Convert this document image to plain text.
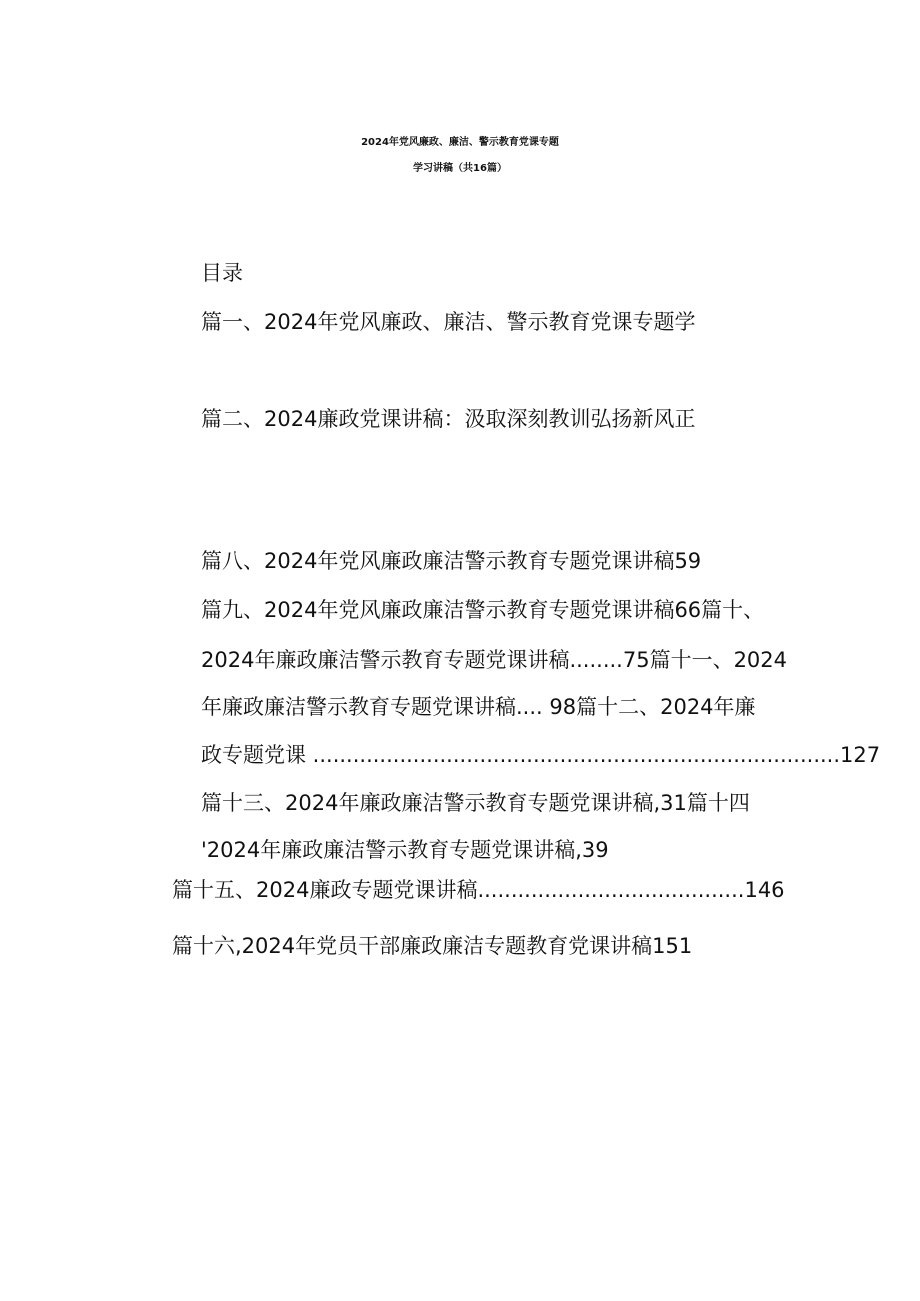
2024年党风廉政、廉洁、警示教育党课专题
学习讲稿（共16篇）
目录
篇一、2024年党风廉政、廉洁、警示教育党课专题学
篇二、2024廉政党课讲稿：汲取深刻教训弘扬新风正
篇八、2024年党风廉政廉洁警示教育专题党课讲稿59
篇九、2024年党风廉政廉洁警示教育专题党课讲稿66篇十、
2024年廉政廉洁警示教育专题党课讲稿........75篇十一、2024
年廉政廉洁警示教育专题党课讲稿.... 98篇十二、2024年廉
政专题党课 ...............................................................................127
篇十三、2024年廉政廉洁警示教育专题党课讲稿,31篇十四
'2024年廉政廉洁警示教育专题党课讲稿,39
篇十五、2024廉政专题党课讲稿........................................146
篇十六,2024年党员干部廉政廉洁专题教育党课讲稿151
